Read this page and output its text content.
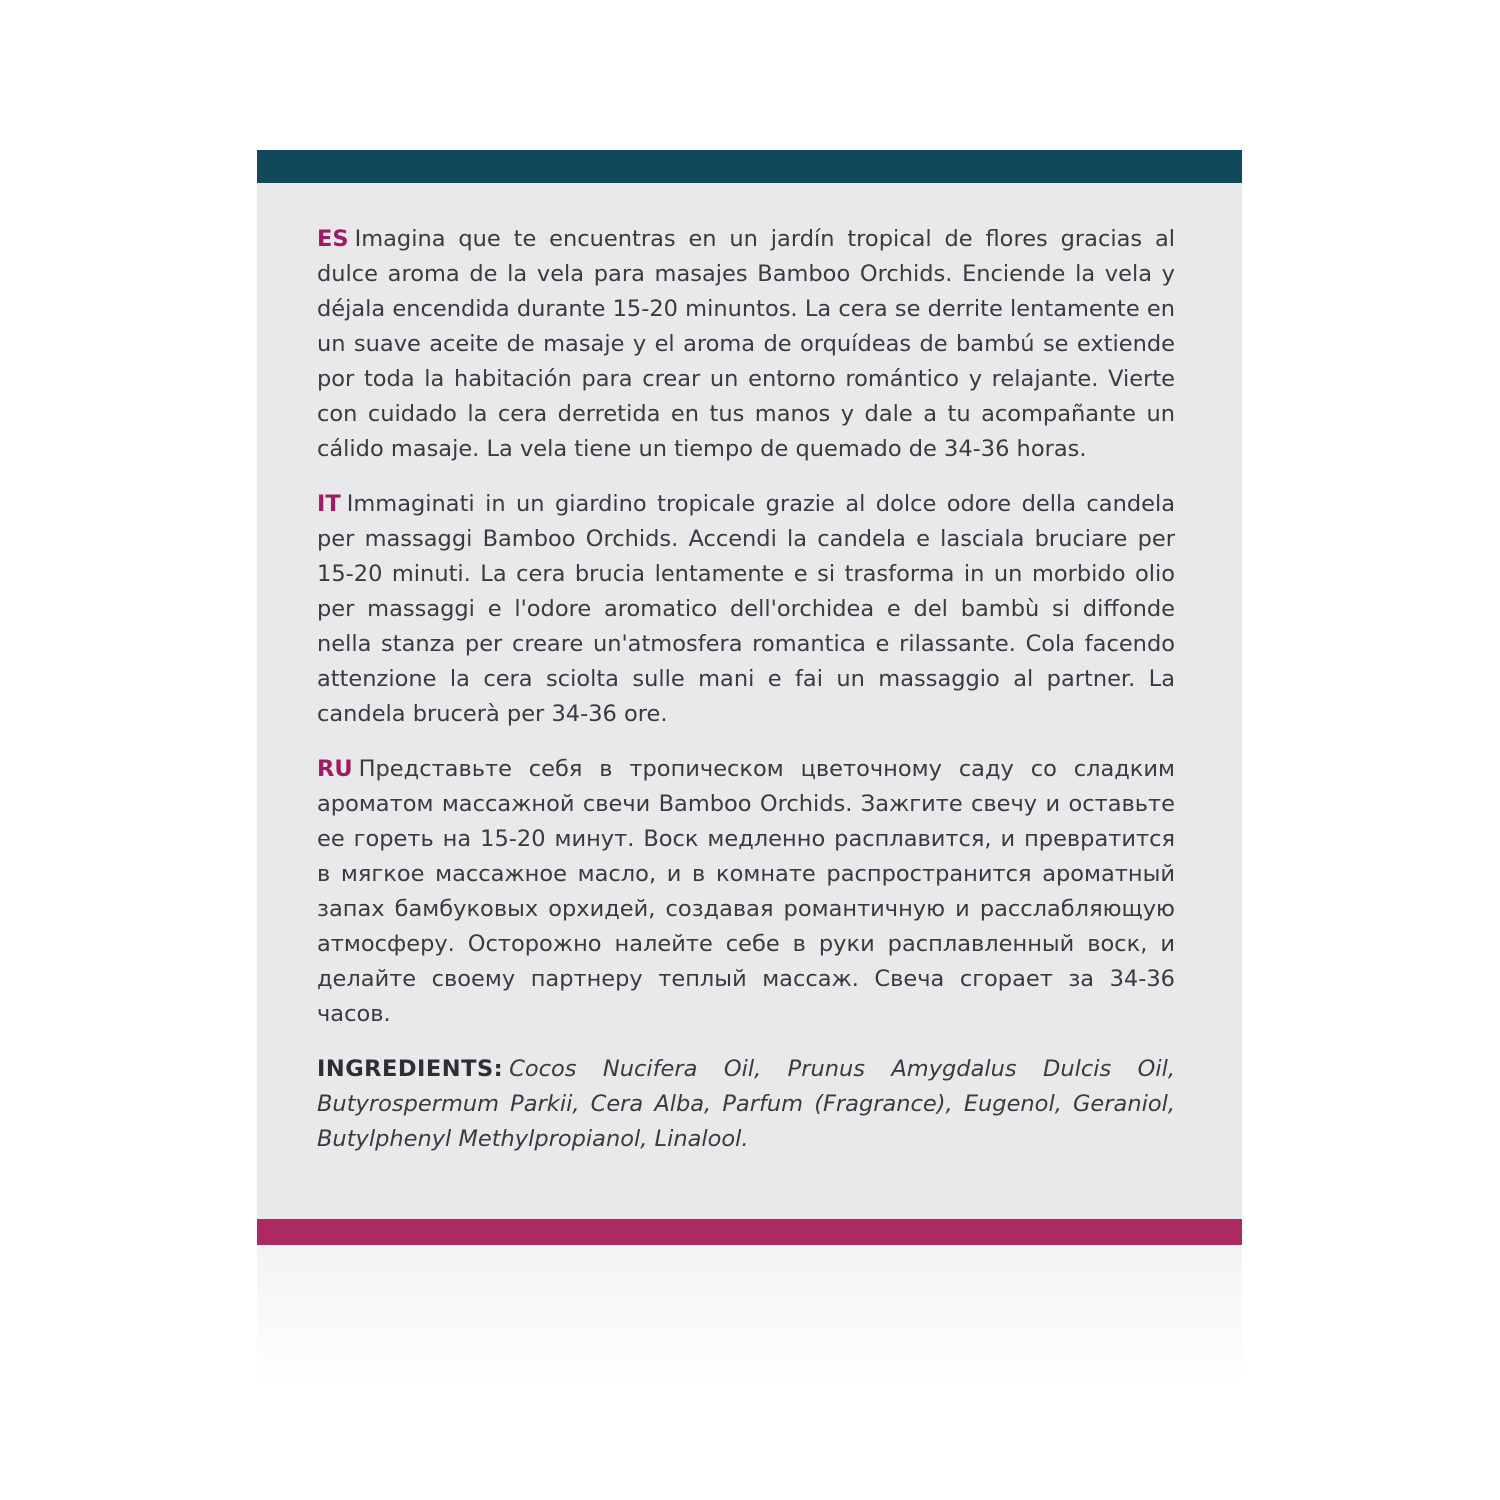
ES Imagina que te encuentras en un jardín tropical de flores gracias al dulce aroma de la vela para masajes Bamboo Orchids. Enciende la vela y déjala encendida durante 15-20 minuntos. La cera se derrite lentamente en un suave aceite de masaje y el aroma de orquídeas de bambú se extiende por toda la habitación para crear un entorno romántico y relajante. Vierte con cuidado la cera derretida en tus manos y dale a tu acompañante un cálido masaje. La vela tiene un tiempo de quemado de 34-36 horas.

IT Immaginati in un giardino tropicale grazie al dolce odore della candela per massaggi Bamboo Orchids. Accendi la candela e lasciala bruciare per 15-20 minuti. La cera brucia lentamente e si trasforma in un morbido olio per massaggi e l'odore aromatico dell'orchidea e del bambù si diffonde nella stanza per creare un'atmosfera romantica e rilassante. Cola facendo attenzione la cera sciolta sulle mani e fai un massaggio al partner. La candela brucerà per 34-36 ore.

RU Представьте себя в тропическом цветочному саду со сладким ароматом массажной свечи Bamboo Orchids. Зажгите свечу и оставьте ее гореть на 15-20 минут. Воск медленно расплавится, и превратится в мягкое массажное масло, и в комнате распространится ароматный запах бамбуковых орхидей, создавая романтичную и расслабляющую атмосферу. Осторожно налейте себе в руки расплавленный воск, и делайте своему партнеру теплый массаж. Свеча сгорает за 34-36 часов.

INGREDIENTS: Cocos Nucifera Oil, Prunus Amygdalus Dulcis Oil, Butyrospermum Parkii, Cera Alba, Parfum (Fragrance), Eugenol, Geraniol, Butylphenyl Methylpropianol, Linalool.
